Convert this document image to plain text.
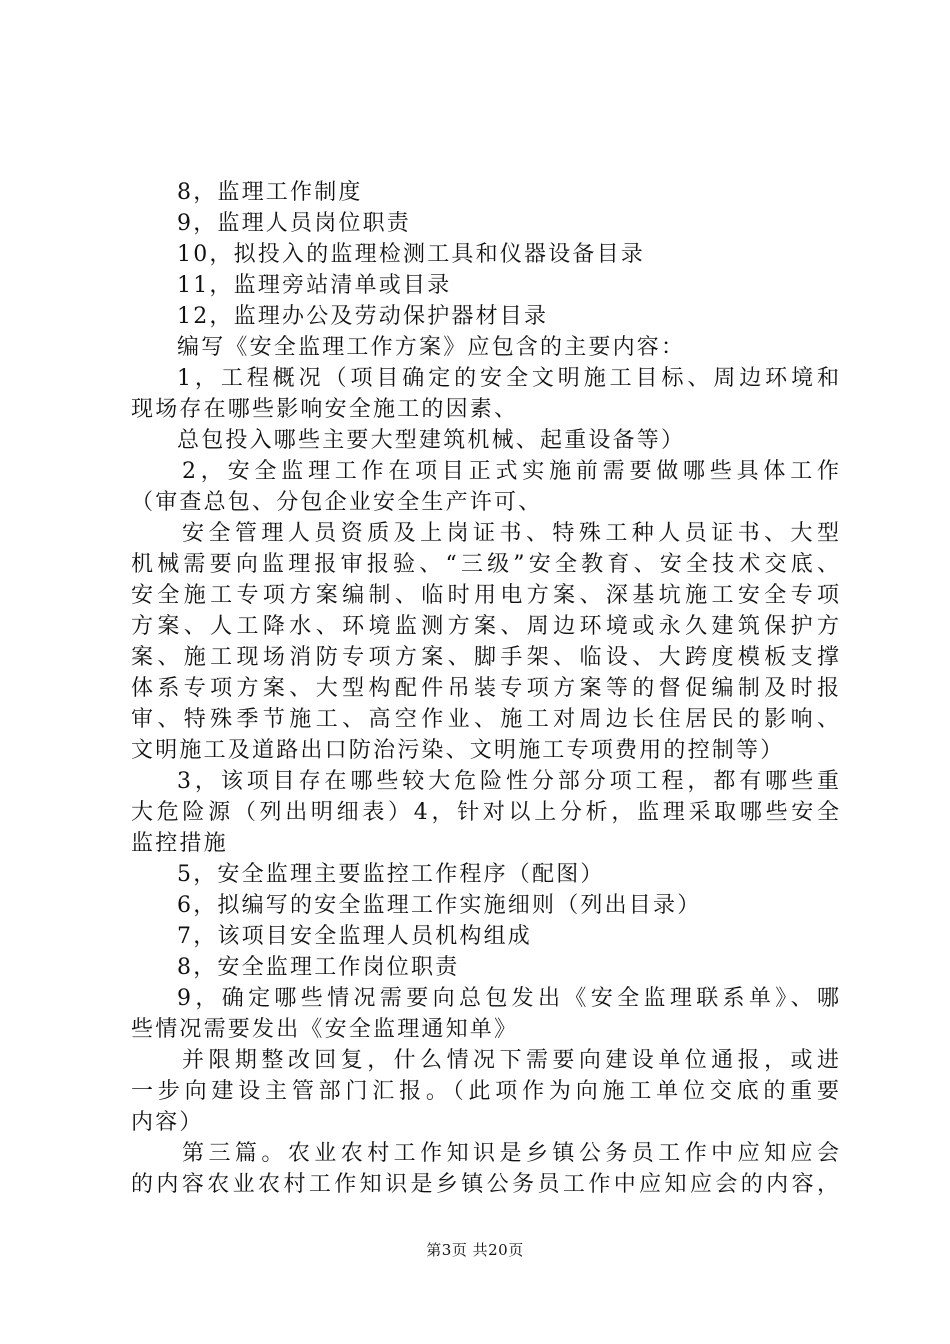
8，监理工作制度
9，监理人员岗位职责
10，拟投入的监理检测工具和仪器设备目录
11，监理旁站清单或目录
12，监理办公及劳动保护器材目录
编写《安全监理工作方案》应包含的主要内容：
1，工程概况（项目确定的安全文明施工目标、周边环境和
现场存在哪些影响安全施工的因素、
总包投入哪些主要大型建筑机械、起重设备等）
2，安全监理工作在项目正式实施前需要做哪些具体工作
（审查总包、分包企业安全生产许可、
安全管理人员资质及上岗证书、特殊工种人员证书、大型
机械需要向监理报审报验、“三级”安全教育、安全技术交底、
安全施工专项方案编制、临时用电方案、深基坑施工安全专项
方案、人工降水、环境监测方案、周边环境或永久建筑保护方
案、施工现场消防专项方案、脚手架、临设、大跨度模板支撑
体系专项方案、大型构配件吊装专项方案等的督促编制及时报
审、特殊季节施工、高空作业、施工对周边长住居民的影响、
文明施工及道路出口防治污染、文明施工专项费用的控制等）
3，该项目存在哪些较大危险性分部分项工程，都有哪些重
大危险源（列出明细表）4，针对以上分析，监理采取哪些安全
监控措施
5，安全监理主要监控工作程序（配图）
6，拟编写的安全监理工作实施细则（列出目录）
7，该项目安全监理人员机构组成
8，安全监理工作岗位职责
9，确定哪些情况需要向总包发出《安全监理联系单》、哪
些情况需要发出《安全监理通知单》
并限期整改回复，什么情况下需要向建设单位通报，或进
一步向建设主管部门汇报。（此项作为向施工单位交底的重要
内容）
第三篇。农业农村工作知识是乡镇公务员工作中应知应会
的内容农业农村工作知识是乡镇公务员工作中应知应会的内容，
第3页 共20页
